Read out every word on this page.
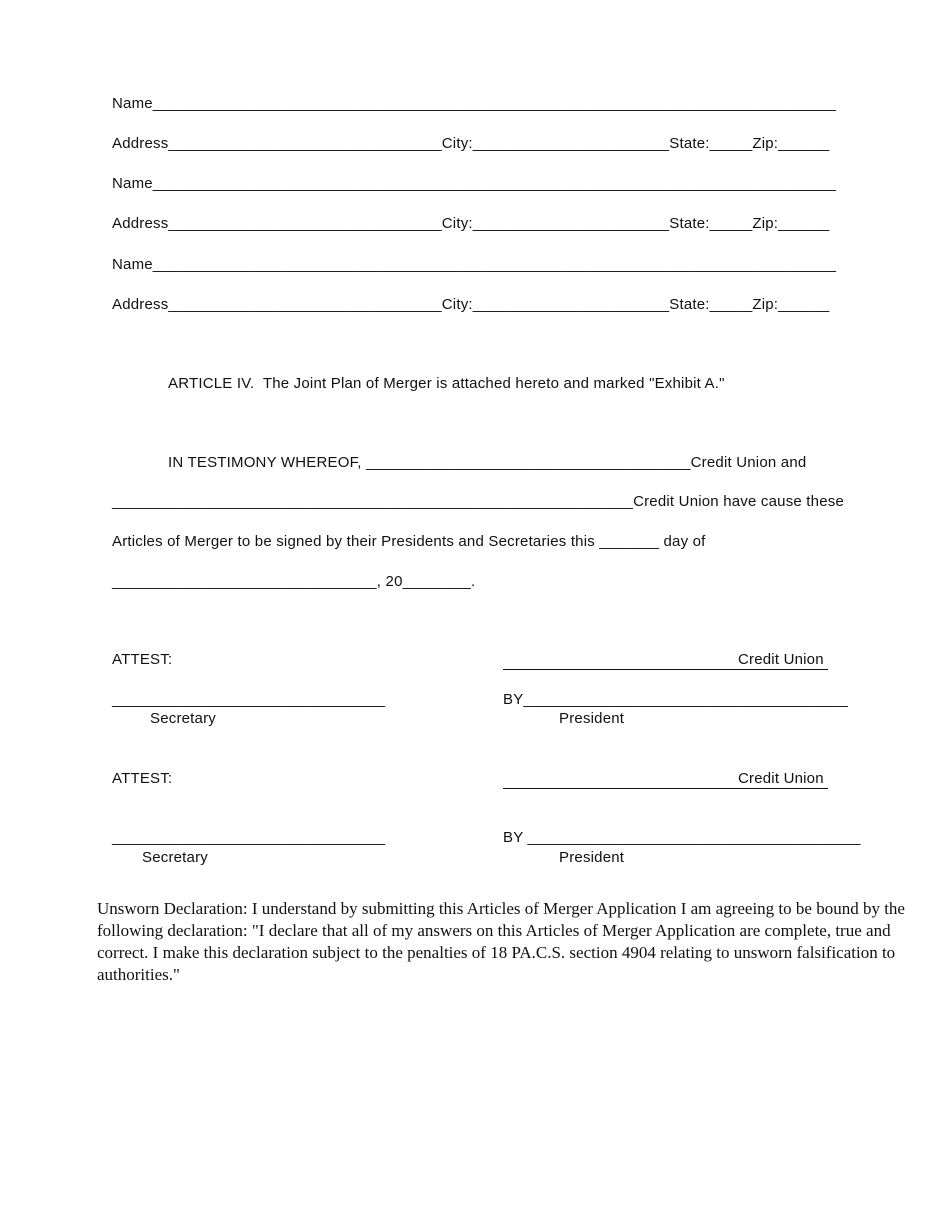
Name________________________________________________________________________________
Address________________________________City:_______________________State:_____Zip:______
Name________________________________________________________________________________
Address________________________________City:_______________________State:_____Zip:______
Name________________________________________________________________________________
Address________________________________City:_______________________State:_____Zip:______
ARTICLE IV.  The Joint Plan of Merger is attached hereto and marked "Exhibit A."
IN TESTIMONY WHEREOF, ______________________________________Credit Union and
_____________________________________________________________Credit Union have cause these
Articles of Merger to be signed by their Presidents and Secretaries this _______ day of
_______________________________, 20________.
ATTEST:	Credit Union
________________________________
Secretary
BY______________________________________
President
ATTEST:	Credit Union
________________________________
Secretary
BY _______________________________________
President
Unsworn Declaration: I understand by submitting this Articles of Merger Application I am agreeing to be bound by the following declaration: "I declare that all of my answers on this Articles of Merger Application are complete, true and correct. I make this declaration subject to the penalties of 18 PA.C.S. section 4904 relating to unsworn falsification to authorities."
